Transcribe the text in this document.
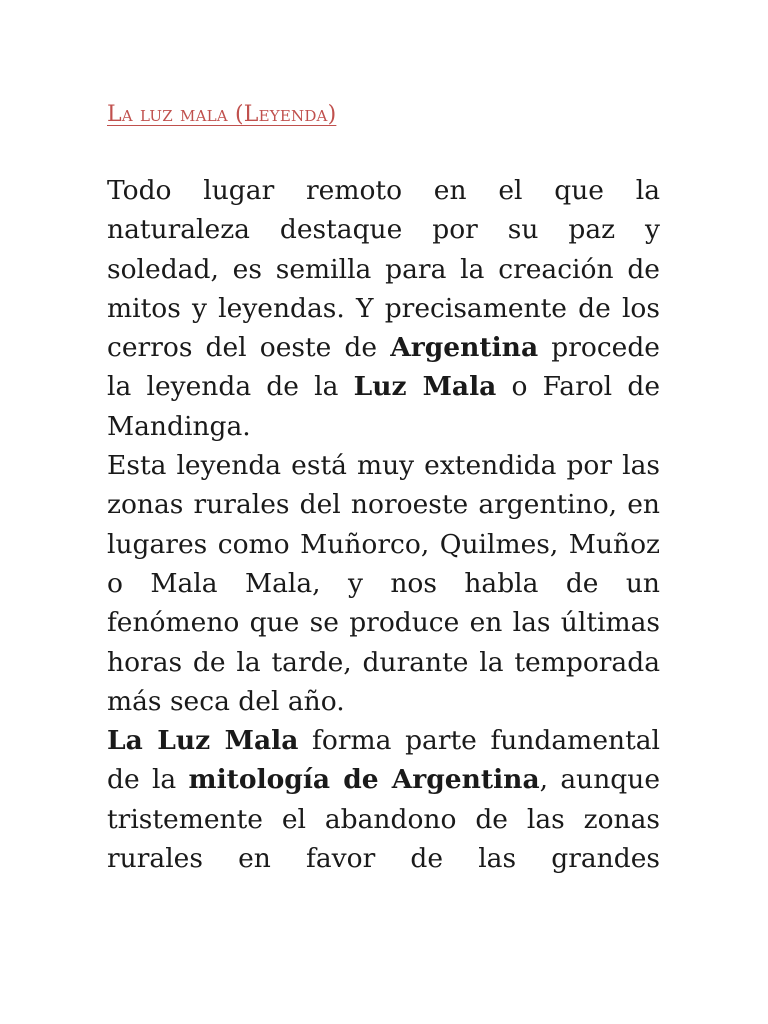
La luz mala (Leyenda)

Todo lugar remoto en el que la naturaleza destaque por su paz y soledad, es semilla para la creación de mitos y leyendas. Y precisamente de los cerros del oeste de Argentina procede la leyenda de la Luz Mala o Farol de Mandinga.

Esta leyenda está muy extendida por las zonas rurales del noroeste argentino, en lugares como Muñorco, Quilmes, Muñoz o Mala Mala, y nos habla de un fenómeno que se produce en las últimas horas de la tarde, durante la temporada más seca del año.

La Luz Mala forma parte fundamental de la mitología de Argentina, aunque tristemente el abandono de las zonas rurales en favor de las grandes
